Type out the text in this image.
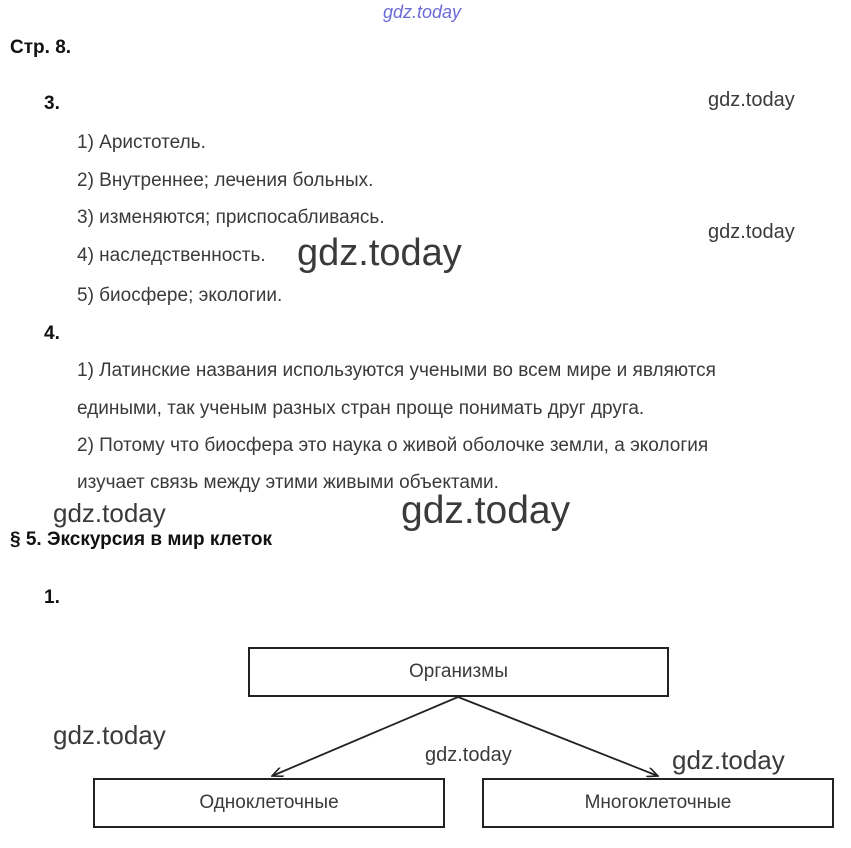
gdz.today
Стр. 8.
3.	gdz.today
1) Аристотель.
2) Внутреннее; лечения больных.
3) изменяются; приспосабливаясь.
gdz.today
4) наследственность. gdz.today
5) биосфере; экологии.
4.
1) Латинские названия используются учеными во всем мире и являются
едиными, так ученым разных стран проще понимать друг друга.
2) Потому что биосфера это наука о живой оболочке земли, а экология
изучает связь между этими живыми объектами.
gdz.today	gdz.today
§ 5. Экскурсия в мир клеток
1.
Организмы
Одноклеточные	Многоклеточные
gdz.today
gdz.today	gdz.today
